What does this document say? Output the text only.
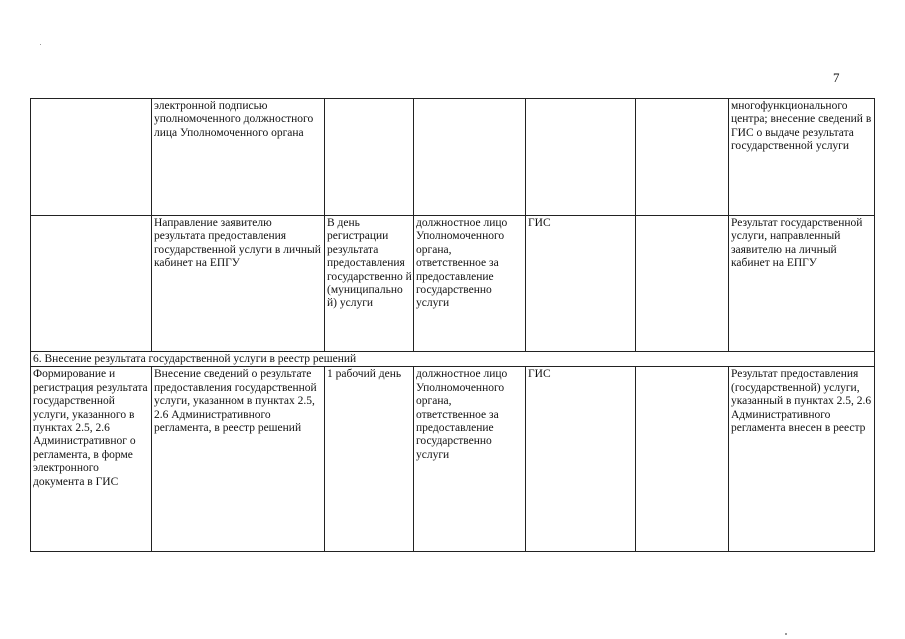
7
	электронной подписью уполномоченного должностного лица Уполномоченного органа					многофункционального центра; внесение сведений в ГИС о выдаче результата государственной услуги
	Направление заявителю результата предоставления государственной услуги в личный кабинет на ЕПГУ	В день регистрации результата предоставления государственно й (муниципально й) услуги	должностное лицо Уполномоченного органа, ответственное за предоставление государственно услуги	ГИС		Результат государственной услуги, направленный заявителю на личный кабинет на ЕПГУ
6. Внесение результата государственной услуги в реестр решений						
Формирование и регистрация результата государственной услуги, указанного в пунктах 2.5, 2.6 Административног о регламента, в форме электронного документа в ГИС	Внесение сведений о результате предоставления государственной услуги, указанном в пунктах 2.5, 2.6 Административного регламента, в реестр решений	1 рабочий день	должностное лицо Уполномоченного органа, ответственное за предоставление государственно услуги	ГИС		Результат предоставления (государственной) услуги, указанный в пунктах 2.5, 2.6 Административного регламента внесен в реестр
